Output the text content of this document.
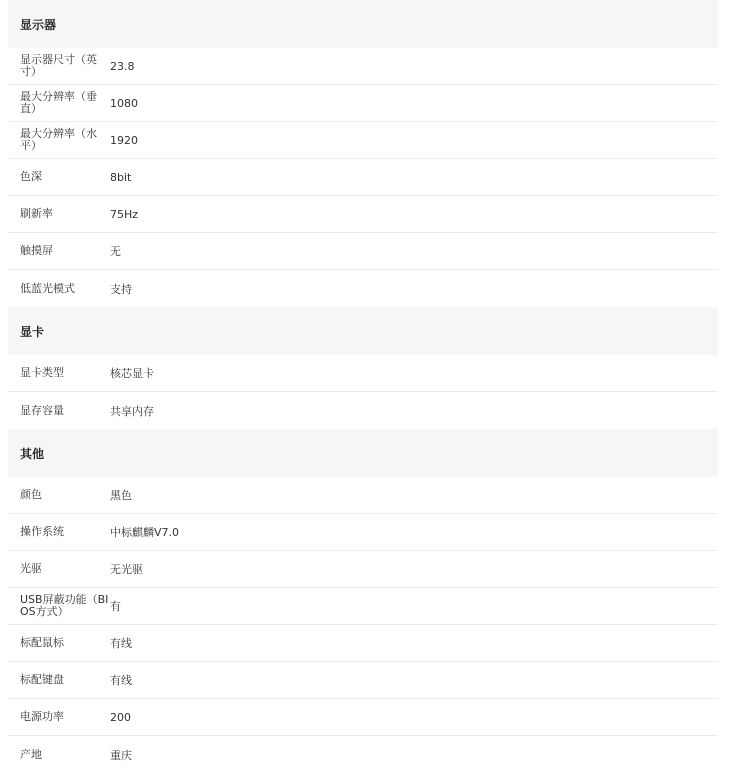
显示器
显示器尺寸（英寸）	23.8
最大分辨率（垂直）	1080
最大分辨率（水平）	1920
色深	8bit
刷新率	75Hz
触摸屏	无
低蓝光模式	支持
显卡
显卡类型	核芯显卡
显存容量	共享内存
其他
颜色	黑色
操作系统	中标麒麟V7.0
光驱	无光驱
USB屏蔽功能（BIOS方式）	有
标配鼠标	有线
标配键盘	有线
电源功率	200
产地	重庆
